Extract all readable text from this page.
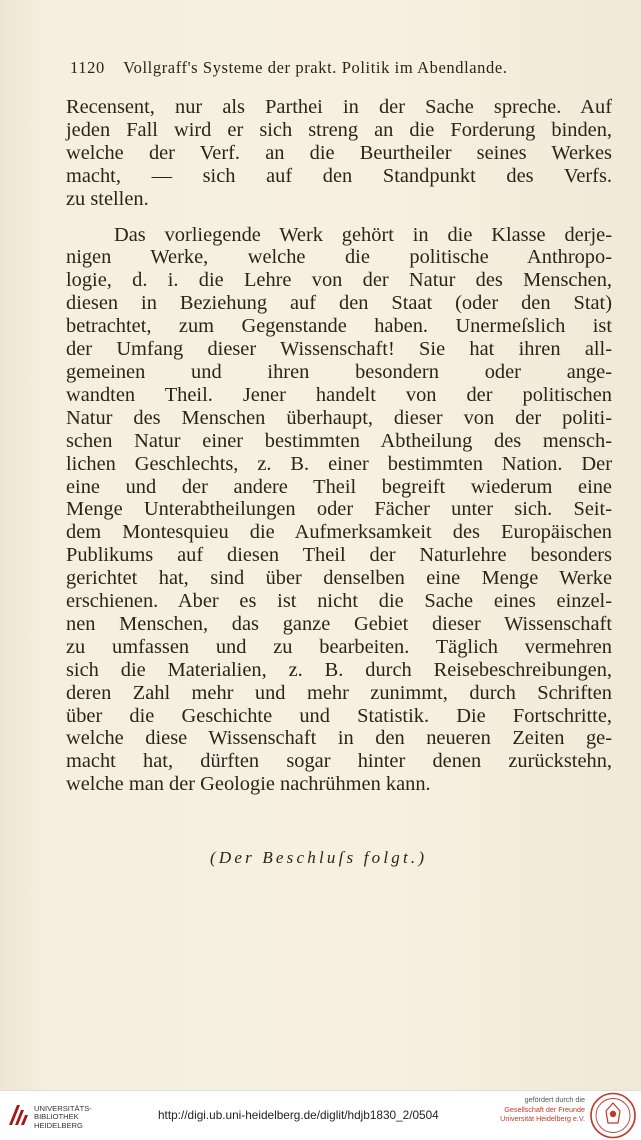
1120 Vollgraff's Systeme der prakt. Politik im Abendlande.
Recensent, nur als Parthei in der Sache spreche. Auf
jeden Fall wird er sich streng an die Forderung binden,
welche der Verf. an die Beurtheiler seines Werkes
macht, — sich auf den Standpunkt des Verfs.
zu stellen.
Das vorliegende Werk gehört in die Klasse derje-
nigen Werke, welche die politische Anthropo-
logie, d. i. die Lehre von der Natur des Menschen,
diesen in Beziehung auf den Staat (oder den Stat)
betrachtet, zum Gegenstande haben. Unermeſslich ist
der Umfang dieser Wissenschaft! Sie hat ihren all-
gemeinen und ihren besondern oder ange-
wandten Theil. Jener handelt von der politischen
Natur des Menschen überhaupt, dieser von der politi-
schen Natur einer bestimmten Abtheilung des mensch-
lichen Geschlechts, z. B. einer bestimmten Nation. Der
eine und der andere Theil begreift wiederum eine
Menge Unterabtheilungen oder Fächer unter sich. Seit-
dem Montesquieu die Aufmerksamkeit des Europäischen
Publikums auf diesen Theil der Naturlehre besonders
gerichtet hat, sind über denselben eine Menge Werke
erschienen. Aber es ist nicht die Sache eines einzel-
nen Menschen, das ganze Gebiet dieser Wissenschaft
zu umfassen und zu bearbeiten. Täglich vermehren
sich die Materialien, z. B. durch Reisebeschreibungen,
deren Zahl mehr und mehr zunimmt, durch Schriften
über die Geschichte und Statistik. Die Fortschritte,
welche diese Wissenschaft in den neueren Zeiten ge-
macht hat, dürften sogar hinter denen zurückstehn,
welche man der Geologie nachrühmen kann.
(Der Beschluſs folgt.)
UNIVERSITÄTS-
BIBLIOTHEK
HEIDELBERG
http://digi.ub.uni-heidelberg.de/diglit/hdjb1830_2/0504
gefördert durch die
Gesellschaft der Freunde
Universität Heidelberg e.V.
